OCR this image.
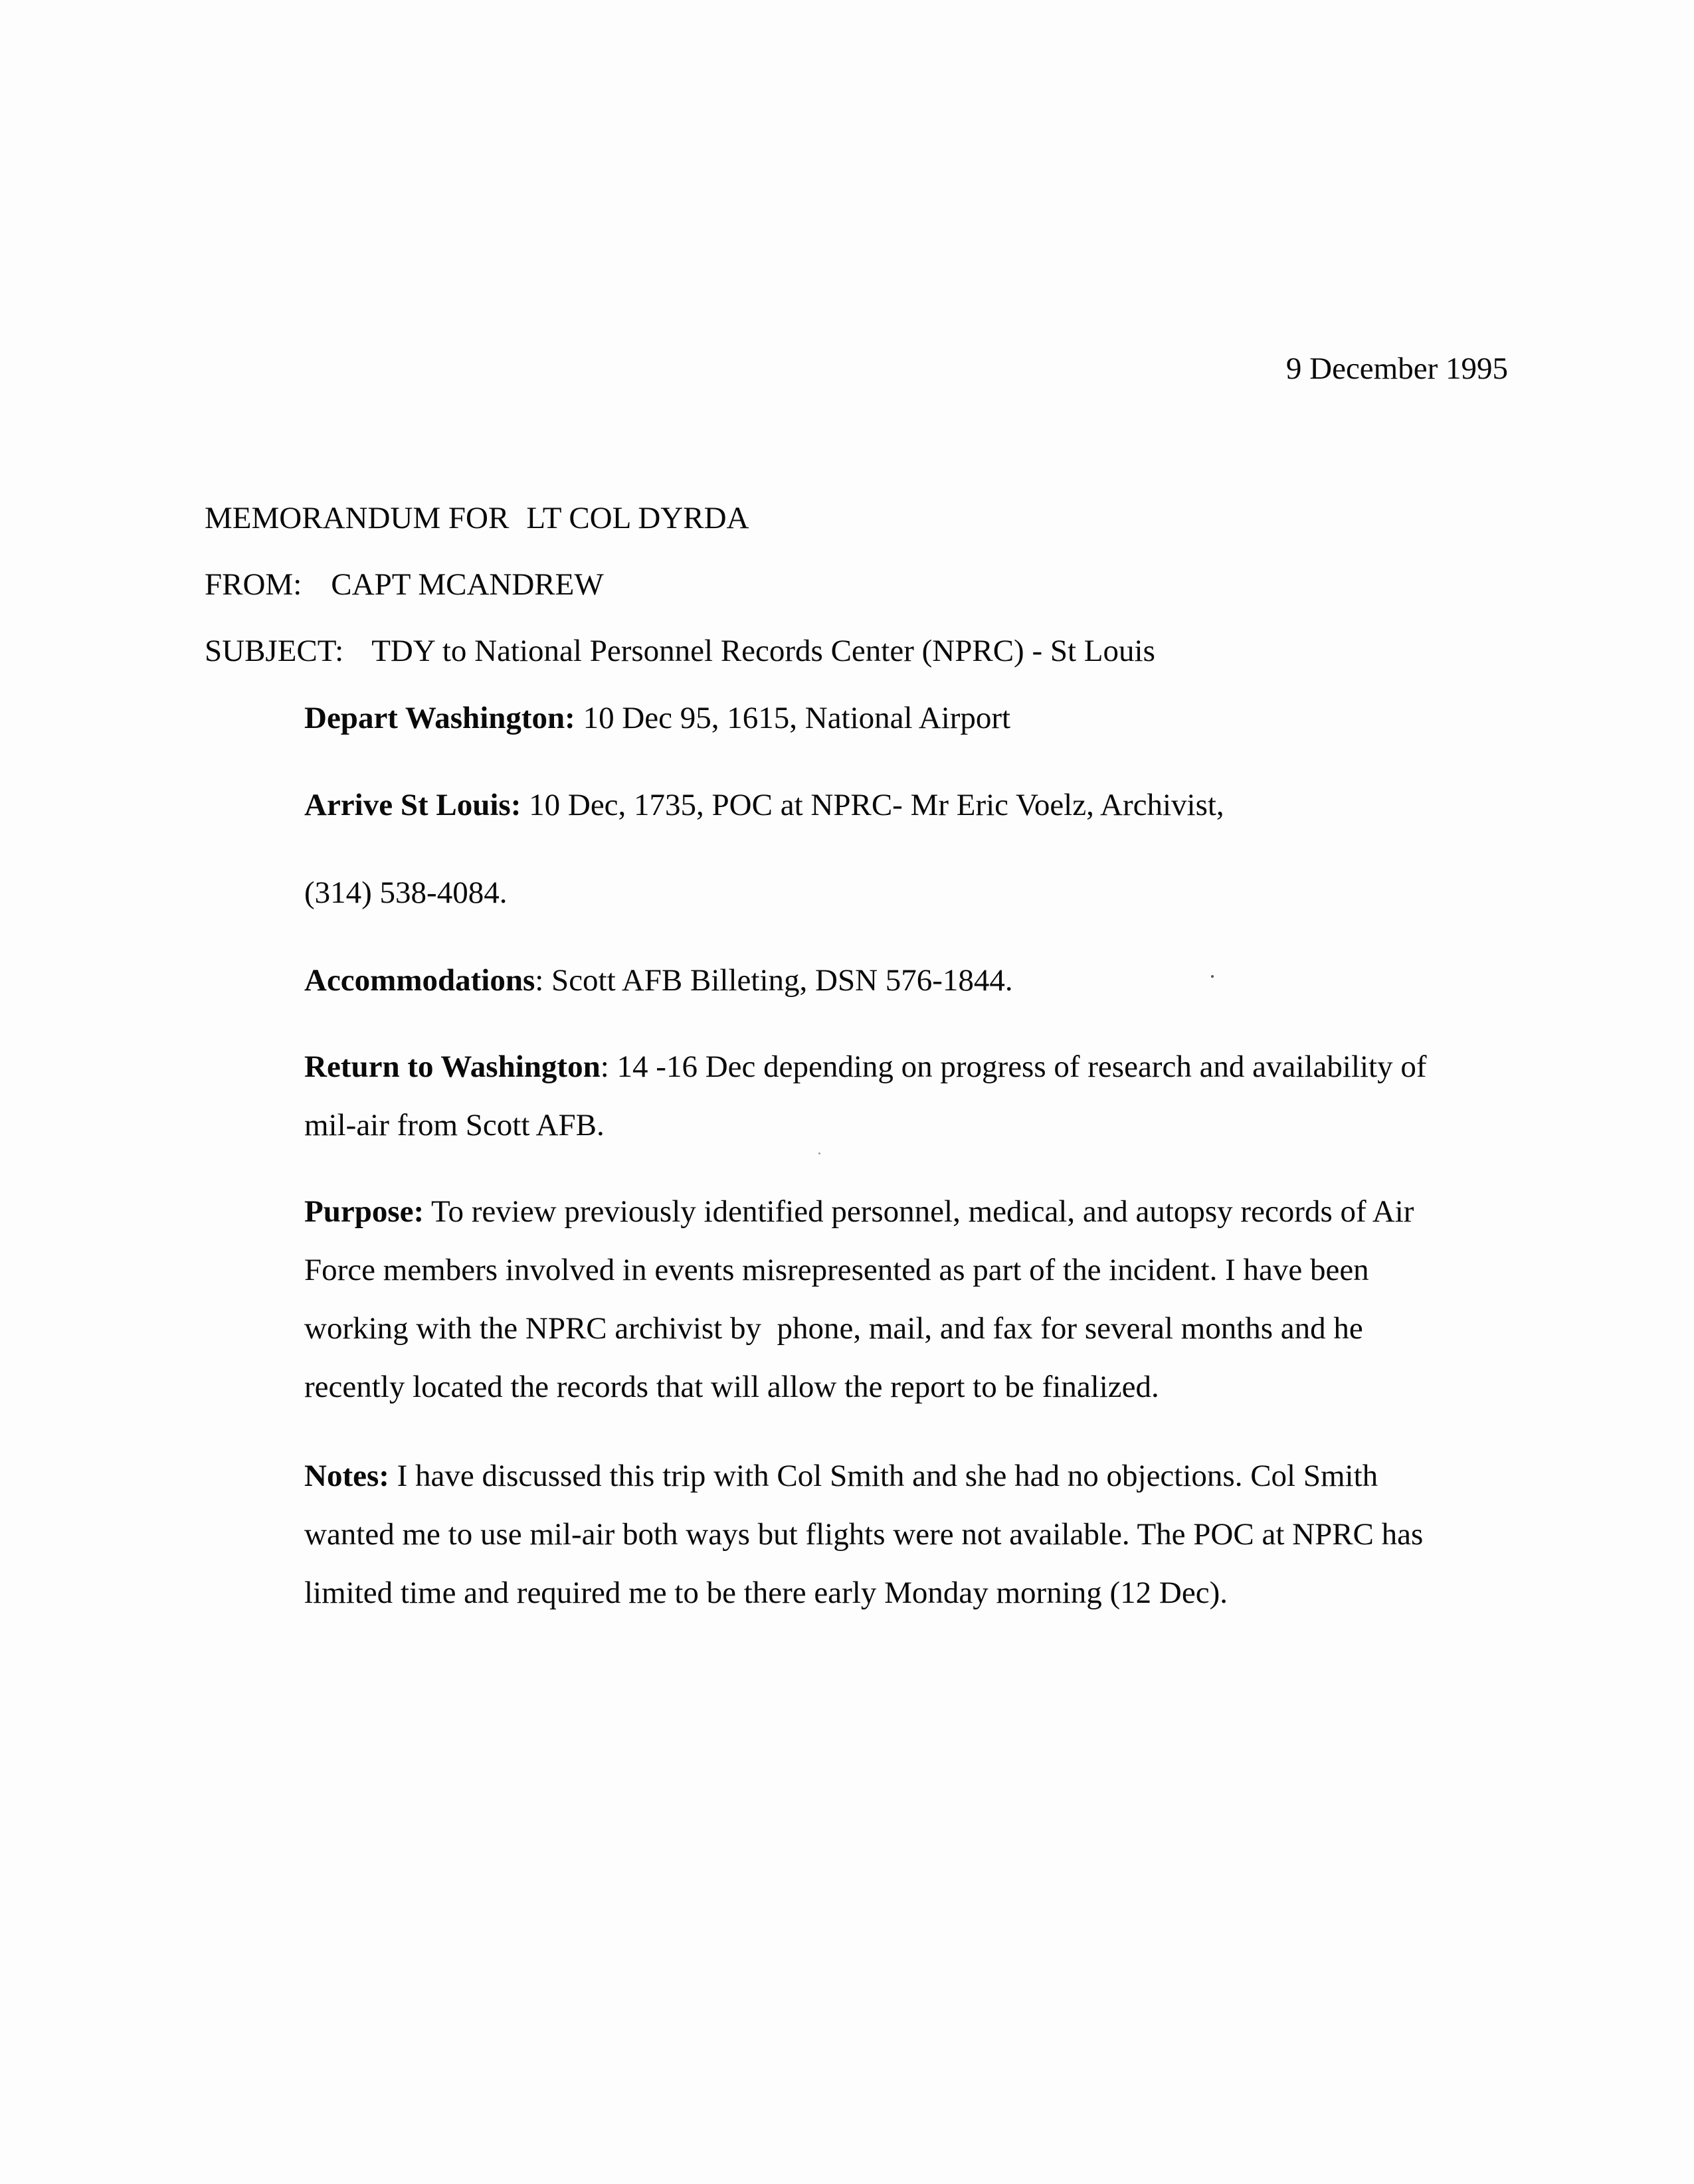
9 December 1995
MEMORANDUM FOR LT COL DYRDA
FROM: CAPT MCANDREW
SUBJECT: TDY to National Personnel Records Center (NPRC) - St Louis
Depart Washington: 10 Dec 95, 1615, National Airport
Arrive St Louis: 10 Dec, 1735, POC at NPRC- Mr Eric Voelz, Archivist,
(314) 538-4084.
Accommodations: Scott AFB Billeting, DSN 576-1844.
Return to Washington: 14 -16 Dec depending on progress of research and availability of
mil-air from Scott AFB.
Purpose: To review previously identified personnel, medical, and autopsy records of Air
Force members involved in events misrepresented as part of the incident. I have been
working with the NPRC archivist by  phone, mail, and fax for several months and he
recently located the records that will allow the report to be finalized.
Notes: I have discussed this trip with Col Smith and she had no objections. Col Smith
wanted me to use mil-air both ways but flights were not available. The POC at NPRC has
limited time and required me to be there early Monday morning (12 Dec).
